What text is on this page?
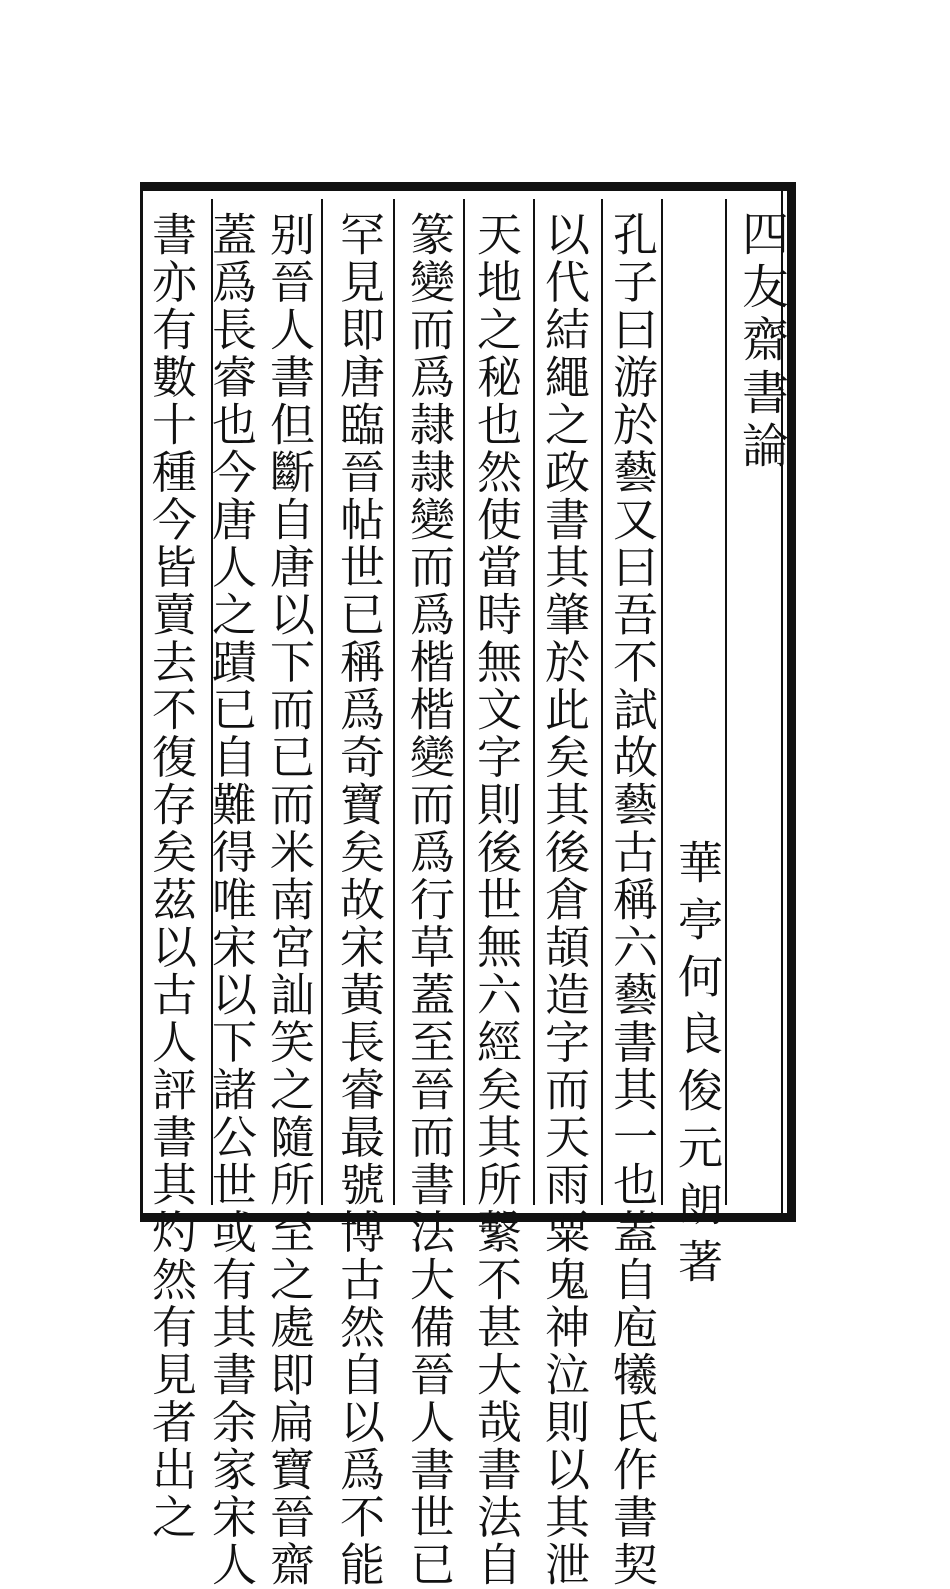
四友齋書論
華亭何良俊元朗著
孔子曰游於藝又曰吾不試故藝古稱六藝書其一也蓋自庖犧氏作書契
以代結繩之政書其肇於此矣其後倉頡造字而天雨粟鬼神泣則以其泄
天地之秘也然使當時無文字則後世無六經矣其所繫不甚大哉書法自
篆變而爲隷隷變而爲楷楷變而爲行草蓋至晉而書法大備晉人書世已
罕見即唐臨晉帖世已稱爲奇寶矣故宋黃長睿最號博古然自以爲不能
别晉人書但斷自唐以下而已而米南宮訕笑之隨所至之處即扁寶晉齋
蓋爲長睿也今唐人之蹟已自難得唯宋以下諸公世或有其書余家宋人
書亦有數十種今皆賣去不復存矣茲以古人評書其灼然有見者出之
